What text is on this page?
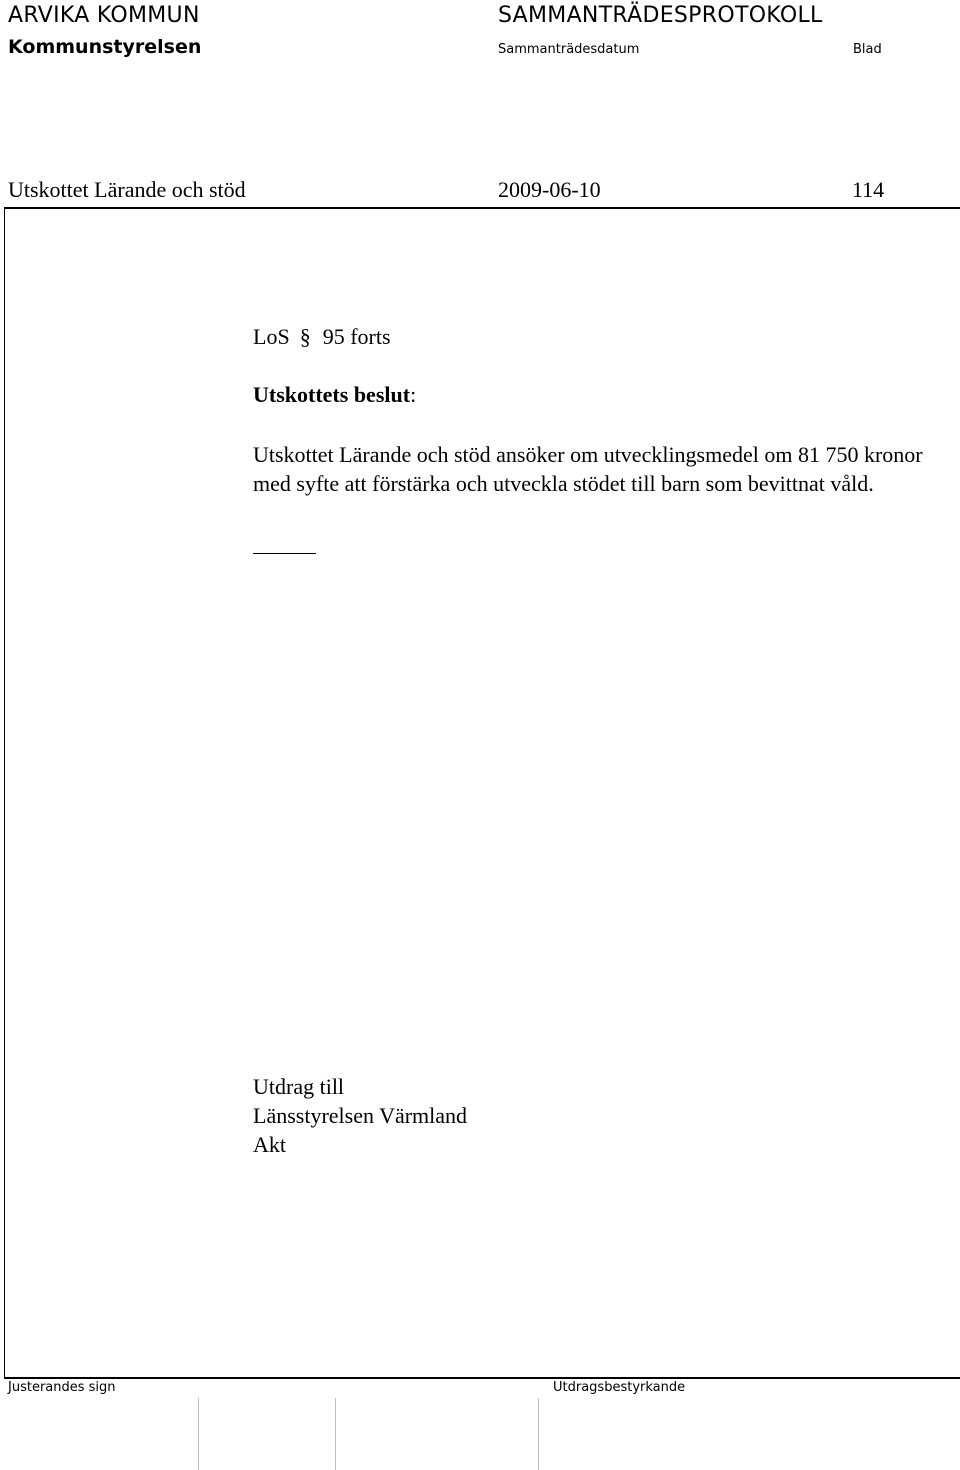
ARVIKA KOMMUN
Kommunstyrelsen
SAMMANTRÄDESPROTOKOLL
Sammanträdesdatum	Blad
Utskottet Lärande och stöd	2009-06-10	114
LoS § 95 forts
Utskottets beslut:
Utskottet Lärande och stöd ansöker om utvecklingsmedel om 81 750 kronor med syfte att förstärka och utveckla stödet till barn som bevittnat våld.
Utdrag till
Länsstyrelsen Värmland
Akt
Justerandes sign	Utdragsbestyrkande
